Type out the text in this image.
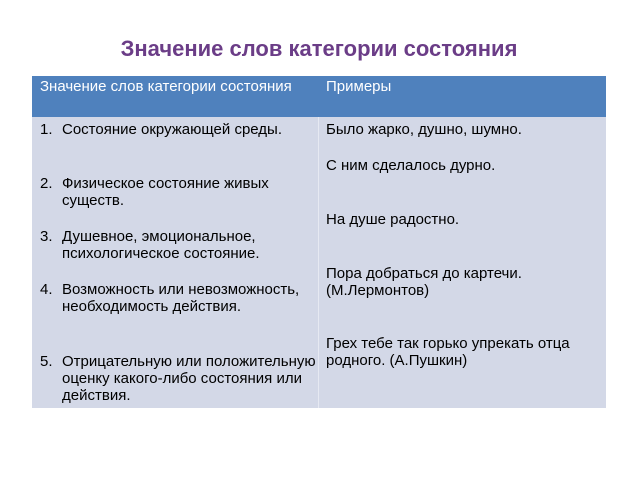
Значение слов категории состояния
Значение слов категории состояния	Примеры
1. Состояние окружающей среды.
2. Физическое состояние живых существ.
3. Душевное, эмоциональное, психологическое состояние.
4. Возможность или невозможность, необходимость действия.
5. Отрицательную или положительную оценку какого-либо состояния или действия.
Было жарко, душно, шумно.
С ним сделалось дурно.
На душе радостно.
Пора добраться до картечи. (М.Лермонтов)
Грех тебе так горько упрекать отца родного. (А.Пушкин)
